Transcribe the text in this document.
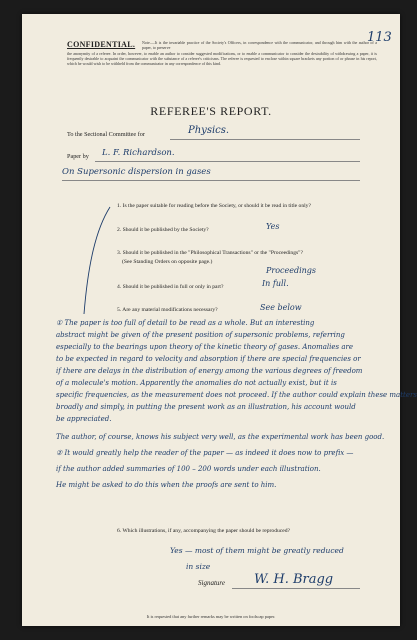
113
CONFIDENTIAL. Note.—It is the invariable practice of the Society's Officers, in correspondence with the communicator, and through him with the author of a paper, to preserve
the anonymity of a referee. In order, however, to enable an author to consider suggested modifications, or to enable a communicator to consider the desirability of withdrawing a paper, it is frequently desirable to acquaint the communicator with the substance of a referee's criticisms. The referee is requested to enclose within square brackets any portion of or phrase in his report, which he would wish to be withheld from the communicator in any correspondence of this kind.
REFEREE'S REPORT.
To the Sectional Committee for	Physics.
Paper by L. F. Richardson.
On Supersonic dispersion in gases
1. Is the paper suitable for reading before the Society, or should it be read in title only?
2. Should it be published by the Society?	Yes
3. Should it be published in the "Philosophical Transactions" or the "Proceedings"?
(See Standing Orders on opposite page.)
Proceedings
4. Should it be published in full or only in part?	In full.
5. Are any material modifications necessary?	See below
① The paper is too full of detail to be read as a whole. But an interesting
abstract might be given of the present position of supersonic problems, referring
especially to the bearings upon theory of the kinetic theory of gases. Anomalies are
to be expected in regard to velocity and absorption if there are special frequencies or
if there are delays in the distribution of energy among the various degrees of freedom
of a molecule's motion. Apparently the anomalies do not actually exist, but it is
specific frequencies, as the measurement does not proceed. If the author could explain these matters
broadly and simply, in putting the present work as an illustration, his account would
be appreciated.
The author, of course, knows his subject very well, as the experimental work has been good.
② It would greatly help the reader of the paper — as indeed it does now to prefix —
if the author added summaries of 100 – 200 words under each illustration.
He might be asked to do this when the proofs are sent to him.
6. Which illustrations, if any, accompanying the paper should be reproduced?
Yes — most of them might be greatly reduced
in size
Signature W. H. Bragg
It is requested that any further remarks may be written on foolscap paper.
